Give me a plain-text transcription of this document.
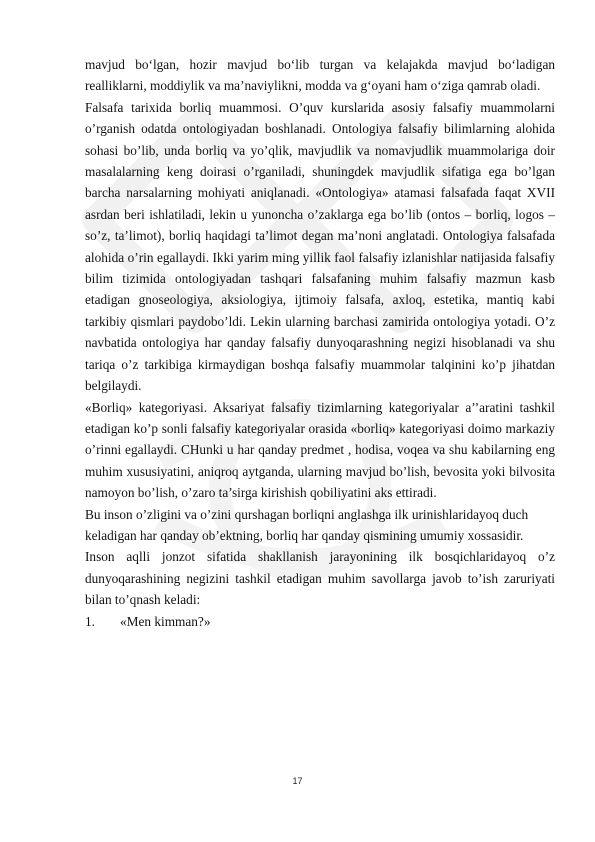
mavjud bo‘lgan, hozir mavjud bo‘lib turgan va kelajakda mavjud bo‘ladigan realliklarni, moddiylik va ma’naviylikni, modda va g‘oyani ham o‘ziga qamrab oladi.

Falsafa tarixida borliq muammosi. O’quv kurslarida asosiy falsafiy muammolarni o’rganish odatda ontologiyadan boshlanadi. Ontologiya falsafiy bilimlarning alohida sohasi bo’lib, unda borliq va yo’qlik, mavjudlik va nomavjudlik muammolariga doir masalalarning keng doirasi o’rganiladi, shuningdek mavjudlik sifatiga ega bo’lgan barcha narsalarning mohiyati aniqlanadi. «Ontologiya» atamasi falsafada faqat XVII asrdan beri ishlatiladi, lekin u yunoncha o’zaklarga ega bo’lib (ontos – borliq, logos – so’z, ta’limot), borliq haqidagi ta’limot degan ma’noni anglatadi. Ontologiya falsafada alohida o’rin egallaydi. Ikki yarim ming yillik faol falsafiy izlanishlar natijasida falsafiy bilim tizimida ontologiyadan tashqari falsafaning muhim falsafiy mazmun kasb etadigan gnoseologiya, aksiologiya, ijtimoiy falsafa, axloq, estetika, mantiq kabi tarkibiy qismlari paydobo’ldi. Lekin ularning barchasi zamirida ontologiya yotadi. O’z navbatida ontologiya har qanday falsafiy dunyoqarashning negizi hisoblanadi va shu tariqa o’z tarkibiga kirmaydigan boshqa falsafiy muammolar talqinini ko’p jihatdan belgilaydi.

«Borliq» kategoriyasi. Aksariyat falsafiy tizimlarning kategoriyalar a’’aratini tashkil etadigan ko’p sonli falsafiy kategoriyalar orasida «borliq» kategoriyasi doimo markaziy o’rinni egallaydi. CHunki u har qanday predmet , hodisa, voqea va shu kabilarning eng muhim xususiyatini, aniqroq aytganda, ularning mavjud bo’lish, bevosita yoki bilvosita namoyon bo’lish, o’zaro ta’sirga kirishish qobiliyatini aks ettiradi.

Bu inson o’zligini va o’zini qurshagan borliqni anglashga ilk urinishlaridayoq duch keladigan har qanday ob’ektning, borliq har qanday qismining umumiy xossasidir.

Inson aqlli jonzot sifatida shakllanish jarayonining ilk bosqichlaridayoq o’z dunyoqarashining negizini tashkil etadigan muhim savollarga javob to’ish zaruriyati bilan to’qnash keladi:

1.	«Men kimman?»
17
